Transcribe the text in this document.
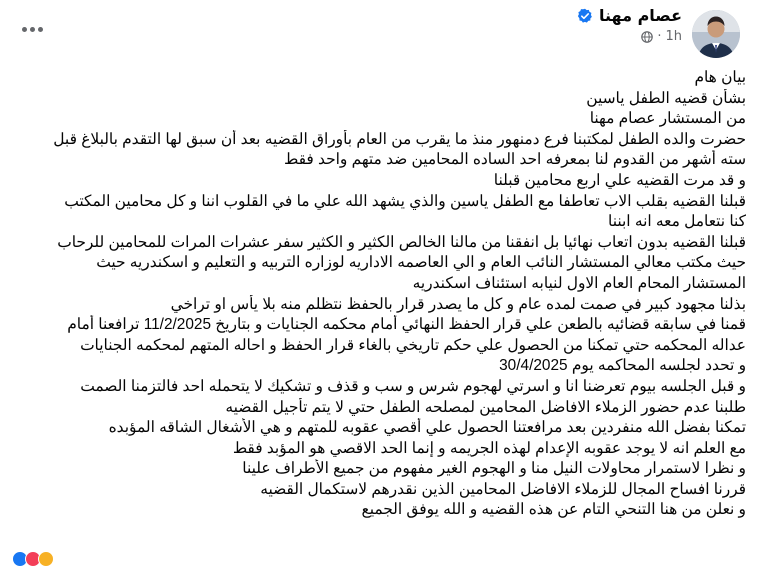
عصام مهنا
1h
·
بيان هام
بشأن قضيه الطفل ياسين
من المستشار عصام مهنا
حضرت والده الطفل لمكتبنا فرع دمنهور منذ ما يقرب من العام بأوراق القضيه بعد أن سبق لها التقدم بالبلاغ قبل
سته أشهر من القدوم لنا بمعرفه احد الساده المحامين ضد متهم واحد فقط
و قد مرت القضيه علي اربع محامين قبلنا
قبلنا القضيه بقلب الاب تعاطفا مع الطفل ياسين والذي يشهد الله علي ما في القلوب اننا و كل محامين المكتب
كنا نتعامل معه انه ابننا
قبلنا القضيه بدون اتعاب نهائيا بل انفقنا من مالنا الخالص الكثير و الكثير سفر عشرات المرات للمحامين للرحاب
حيث مكتب معالي المستشار النائب العام و الي العاصمه الاداريه لوزاره التربيه و التعليم و اسكندريه حيث
المستشار المحام العام الاول لنيابه استئناف اسكندريه
بذلنا مجهود كبير في صمت لمده عام و كل ما يصدر قرار بالحفظ نتظلم منه بلا يأس او تراخي
قمنا في سابقه قضائيه بالطعن علي قرار الحفظ النهائي أمام محكمه الجنايات و بتاريخ 11/2/2025 ترافعنا أمام
عداله المحكمه حتي تمكنا من الحصول علي حكم تاريخي بالغاء قرار الحفظ و احاله المتهم لمحكمه الجنايات
و تحدد لجلسه المحاكمه يوم 30/4/2025
و قبل الجلسه بيوم تعرضنا انا و اسرتي لهجوم شرس و سب و قذف و تشكيك لا يتحمله احد فالتزمنا الصمت
طلبنا عدم حضور الزملاء الافاضل المحامين لمصلحه الطفل حتي لا يتم تأجيل القضيه
تمكنا بفضل الله منفردين بعد مرافعتنا الحصول علي أقصي عقوبه للمتهم و هي الأشغال الشاقه المؤبده
مع العلم انه لا يوجد عقوبه الإعدام لهذه الجريمه و إنما الحد الاقصي هو المؤبد فقط
و نظرا لاستمرار محاولات النيل منا و الهجوم الغير مفهوم من جميع الأطراف علينا
قررنا افساح المجال للزملاء الافاضل المحامين الذين نقدرهم لاستكمال القضيه
و نعلن من هنا التنحي التام عن هذه القضيه و الله يوفق الجميع
